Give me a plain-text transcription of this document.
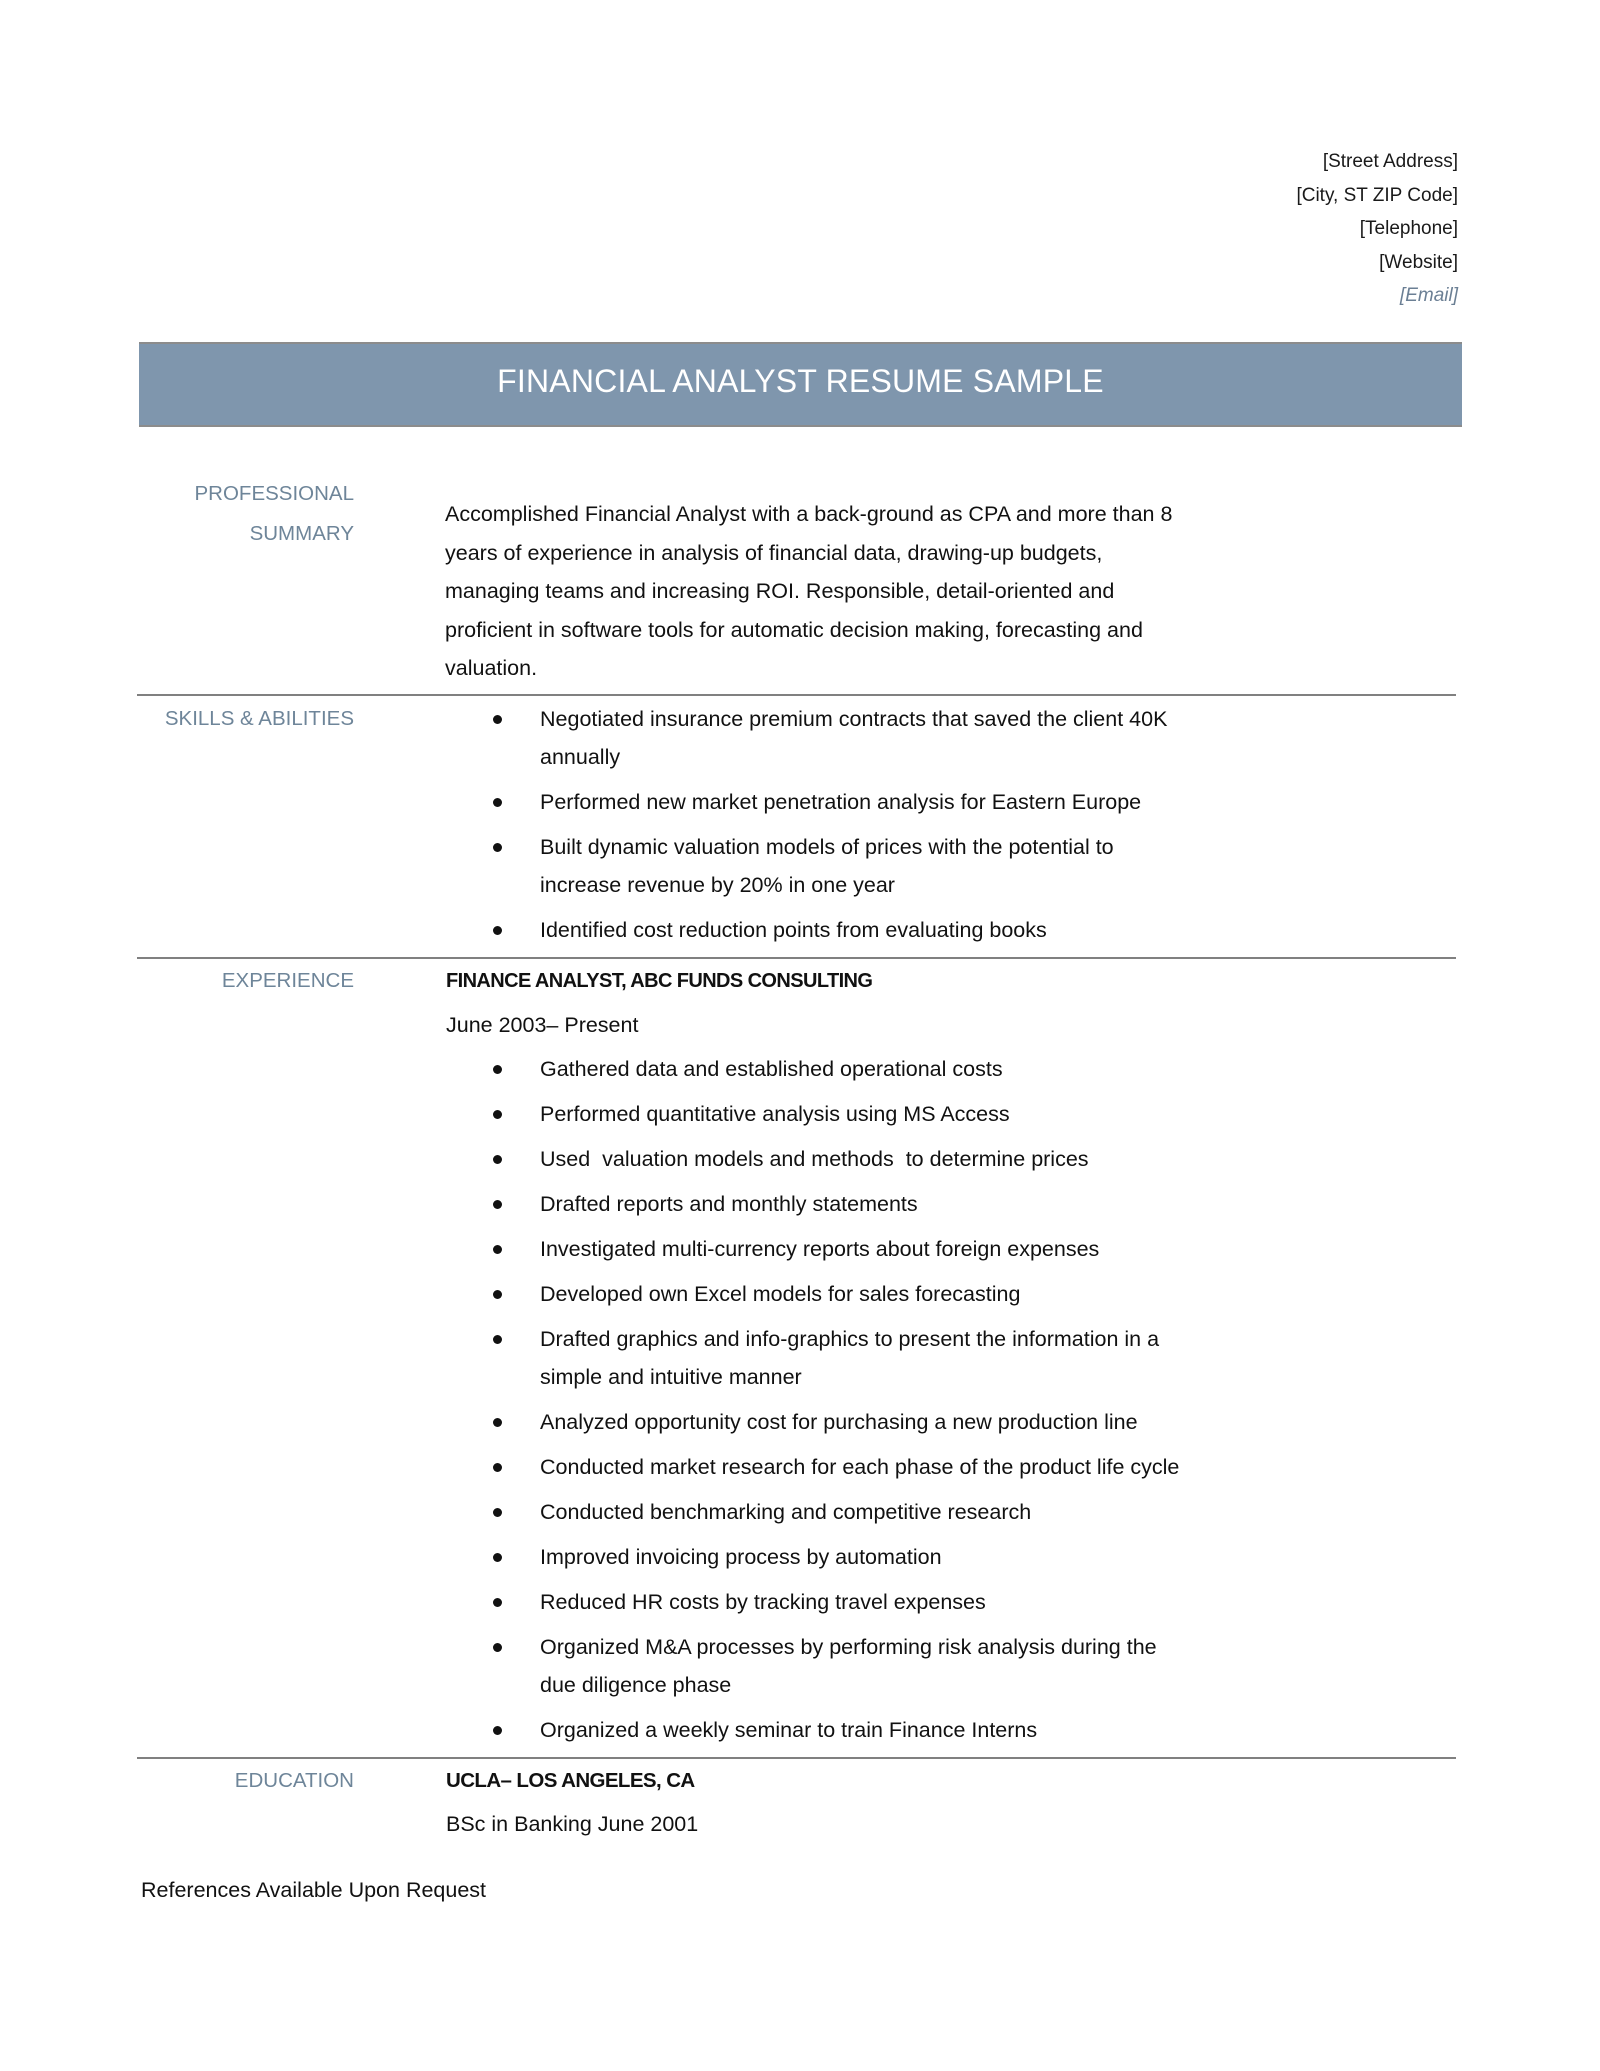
[Street Address]
[City, ST ZIP Code]
[Telephone]
[Website]
[Email]
FINANCIAL ANALYST RESUME SAMPLE
PROFESSIONAL
SUMMARY
Accomplished Financial Analyst with a back-ground as CPA and more than 8
years of experience in analysis of financial data, drawing-up budgets,
managing teams and increasing ROI. Responsible, detail-oriented and
proficient in software tools for automatic decision making, forecasting and
valuation.
SKILLS & ABILITIES	Negotiated insurance premium contracts that saved the client 40K
annually
Performed new market penetration analysis for Eastern Europe
Built dynamic valuation models of prices with the potential to
increase revenue by 20% in one year
Identified cost reduction points from evaluating books
EXPERIENCE	FINANCE ANALYST, ABC FUNDS CONSULTING
June 2003– Present
Gathered data and established operational costs
Performed quantitative analysis using MS Access
Used  valuation models and methods  to determine prices
Drafted reports and monthly statements
Investigated multi-currency reports about foreign expenses
Developed own Excel models for sales forecasting
Drafted graphics and info-graphics to present the information in a
simple and intuitive manner
Analyzed opportunity cost for purchasing a new production line
Conducted market research for each phase of the product life cycle
Conducted benchmarking and competitive research
Improved invoicing process by automation
Reduced HR costs by tracking travel expenses
Organized M&A processes by performing risk analysis during the
due diligence phase
Organized a weekly seminar to train Finance Interns
EDUCATION	UCLA– LOS ANGELES, CA
BSc in Banking June 2001
References Available Upon Request
